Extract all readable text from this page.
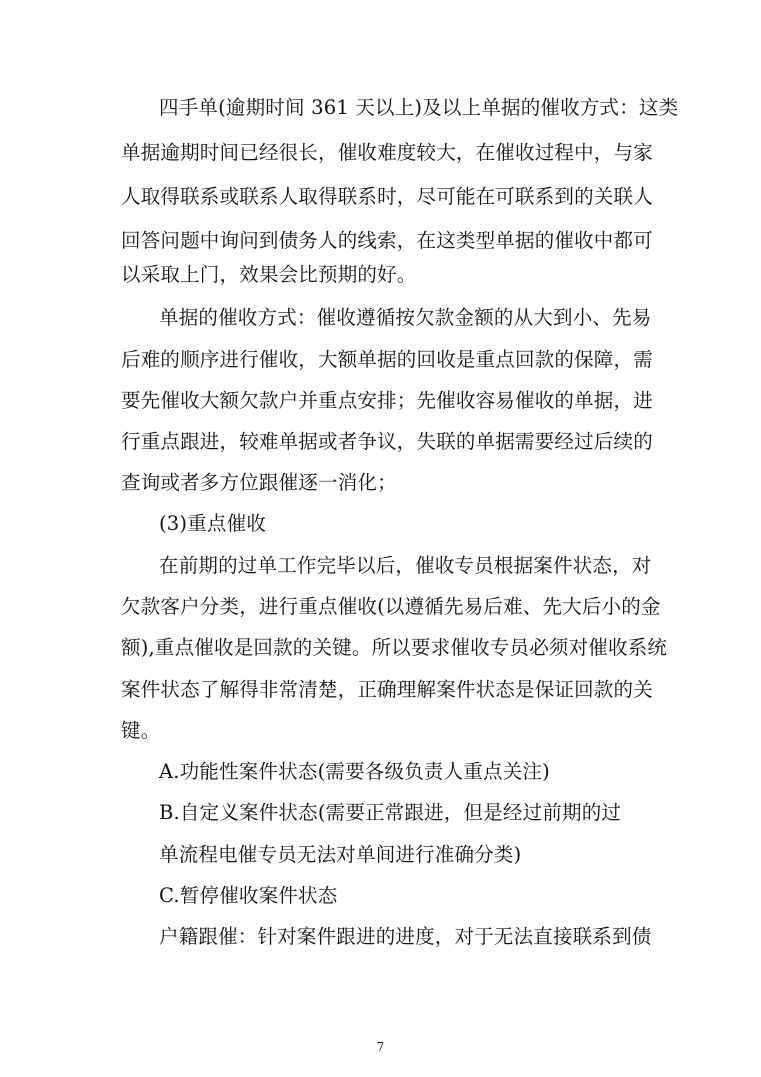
四手单(逾期时间 361 天以上)及以上单据的催收方式：这类
单据逾期时间已经很长，催收难度较大，在催收过程中，与家
人取得联系或联系人取得联系时，尽可能在可联系到的关联人
回答问题中询问到债务人的线索，在这类型单据的催收中都可
以采取上门，效果会比预期的好。
单据的催收方式：催收遵循按欠款金额的从大到小、先易
后难的顺序进行催收，大额单据的回收是重点回款的保障，需
要先催收大额欠款户并重点安排；先催收容易催收的单据，进
行重点跟进，较难单据或者争议，失联的单据需要经过后续的
查询或者多方位跟催逐一消化；
(3)重点催收
在前期的过单工作完毕以后，催收专员根据案件状态，对
欠款客户分类，进行重点催收(以遵循先易后难、先大后小的金
额),重点催收是回款的关键。所以要求催收专员必须对催收系统
案件状态了解得非常清楚，正确理解案件状态是保证回款的关
键。
A.功能性案件状态(需要各级负责人重点关注)
B.自定义案件状态(需要正常跟进，但是经过前期的过
单流程电催专员无法对单间进行准确分类)
C.暂停催收案件状态
户籍跟催：针对案件跟进的进度，对于无法直接联系到债
7
